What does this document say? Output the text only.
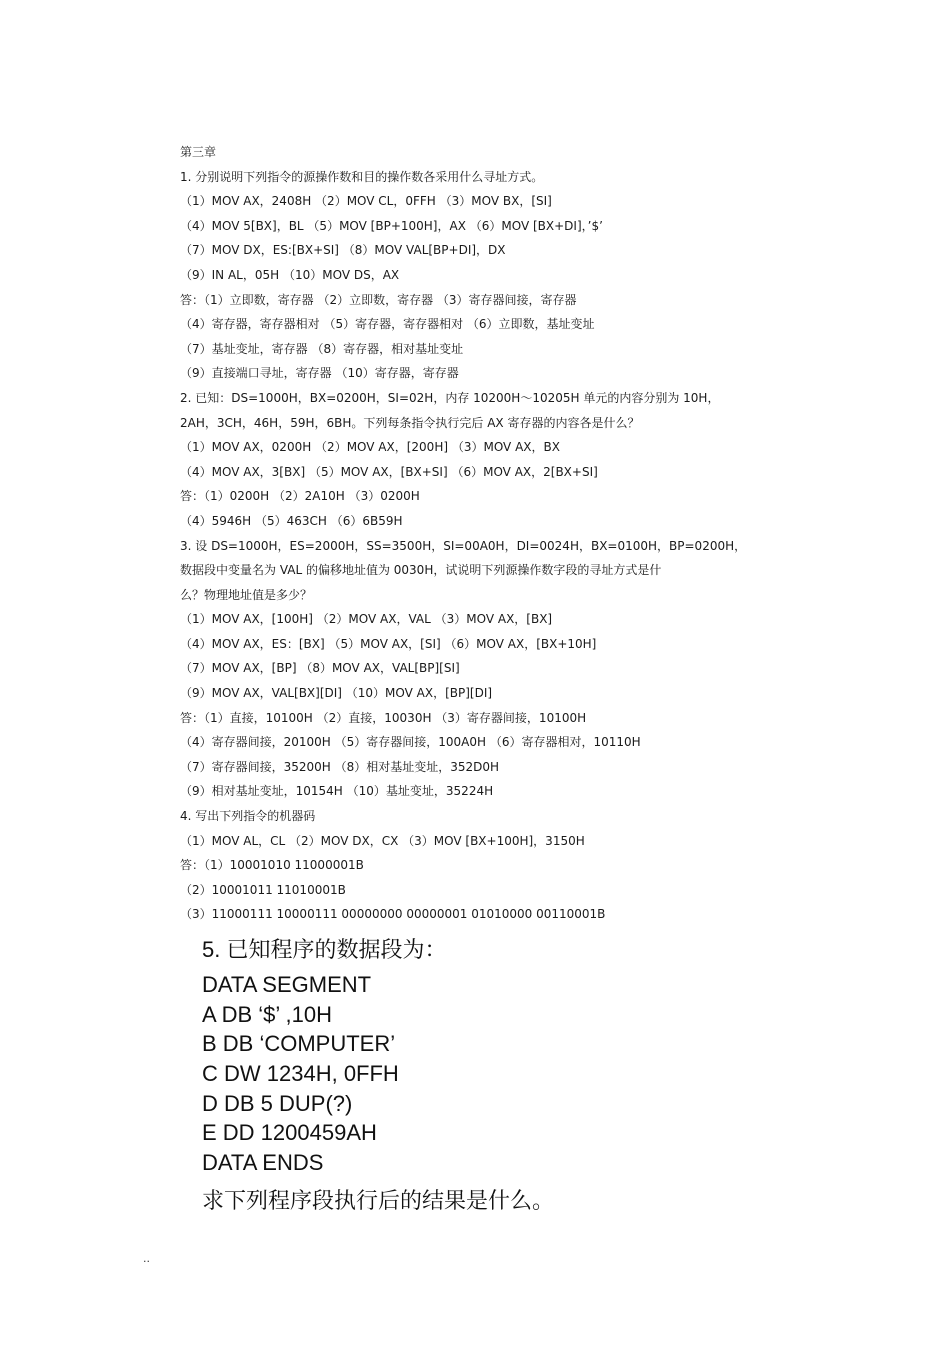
第三章
1. 分别说明下列指令的源操作数和目的操作数各采用什么寻址方式。
（1）MOV AX，2408H （2）MOV CL，0FFH （3）MOV BX，[SI]
（4）MOV 5[BX]，BL （5）MOV [BP+100H]，AX （6）MOV [BX+DI]，’$’
（7）MOV DX，ES:[BX+SI] （8）MOV VAL[BP+DI]，DX
（9）IN AL，05H （10）MOV DS，AX
答：（1）立即数，寄存器 （2）立即数，寄存器 （3）寄存器间接，寄存器
（4）寄存器，寄存器相对 （5）寄存器，寄存器相对 （6）立即数，基址变址
（7）基址变址，寄存器 （8）寄存器，相对基址变址
（9）直接端口寻址，寄存器 （10）寄存器，寄存器
2. 已知：DS=1000H，BX=0200H，SI=02H，内存 10200H～10205H 单元的内容分别为 10H，
2AH，3CH，46H，59H，6BH。下列每条指令执行完后 AX 寄存器的内容各是什么？
（1）MOV AX，0200H （2）MOV AX，[200H] （3）MOV AX，BX
（4）MOV AX，3[BX] （5）MOV AX，[BX+SI] （6）MOV AX，2[BX+SI]
答：（1）0200H （2）2A10H （3）0200H
（4）5946H （5）463CH （6）6B59H
3. 设 DS=1000H，ES=2000H，SS=3500H，SI=00A0H，DI=0024H，BX=0100H，BP=0200H，
数据段中变量名为 VAL 的偏移地址值为 0030H，试说明下列源操作数字段的寻址方式是什
么？物理地址值是多少？
（1）MOV AX，[100H] （2）MOV AX，VAL （3）MOV AX，[BX]
（4）MOV AX，ES：[BX] （5）MOV AX，[SI] （6）MOV AX，[BX+10H]
（7）MOV AX，[BP] （8）MOV AX，VAL[BP][SI]
（9）MOV AX，VAL[BX][DI] （10）MOV AX，[BP][DI]
答：（1）直接，10100H （2）直接，10030H （3）寄存器间接，10100H
（4）寄存器间接，20100H （5）寄存器间接，100A0H （6）寄存器相对，10110H
（7）寄存器间接，35200H （8）相对基址变址，352D0H
（9）相对基址变址，10154H （10）基址变址，35224H
4. 写出下列指令的机器码
（1）MOV AL，CL （2）MOV DX，CX （3）MOV [BX+100H]，3150H
答：（1）10001010 11000001B
（2）10001011 11010001B
（3）11000111 10000111 00000000 00000001 01010000 00110001B
5. 已知程序的数据段为：
DATA SEGMENT
A DB ‘$’ ,10H
B DB ‘COMPUTER’
C DW 1234H, 0FFH
D DB 5 DUP(?)
E DD 1200459AH
DATA ENDS
求下列程序段执行后的结果是什么。
..
